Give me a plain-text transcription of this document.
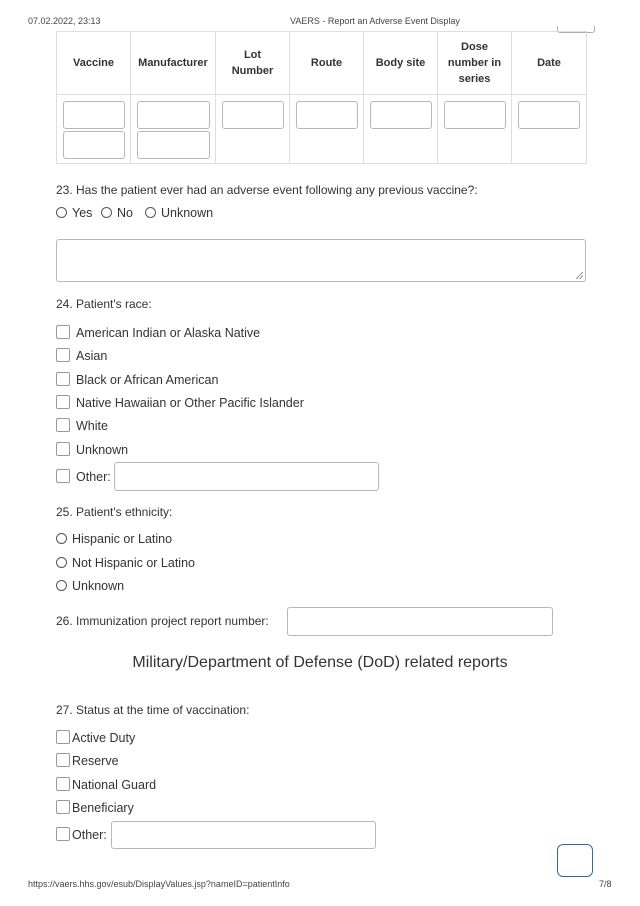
07.02.2022, 23:13	VAERS - Report an Adverse Event Display
Vaccine	Manufacturer	Lot Number	Route	Body site	Dose number in series	Date

23. Has the patient ever had an adverse event following any previous vaccine?:
Yes	No	Unknown
24. Patient's race:
American Indian or Alaska Native
Asian
Black or African American
Native Hawaiian or Other Pacific Islander
White
Unknown
Other:
25. Patient's ethnicity:
Hispanic or Latino
Not Hispanic or Latino
Unknown
26. Immunization project report number:
Military/Department of Defense (DoD) related reports
27. Status at the time of vaccination:
Active Duty
Reserve
National Guard
Beneficiary
Other:
https://vaers.hhs.gov/esub/DisplayValues.jsp?nameID=patientInfo	7/8
